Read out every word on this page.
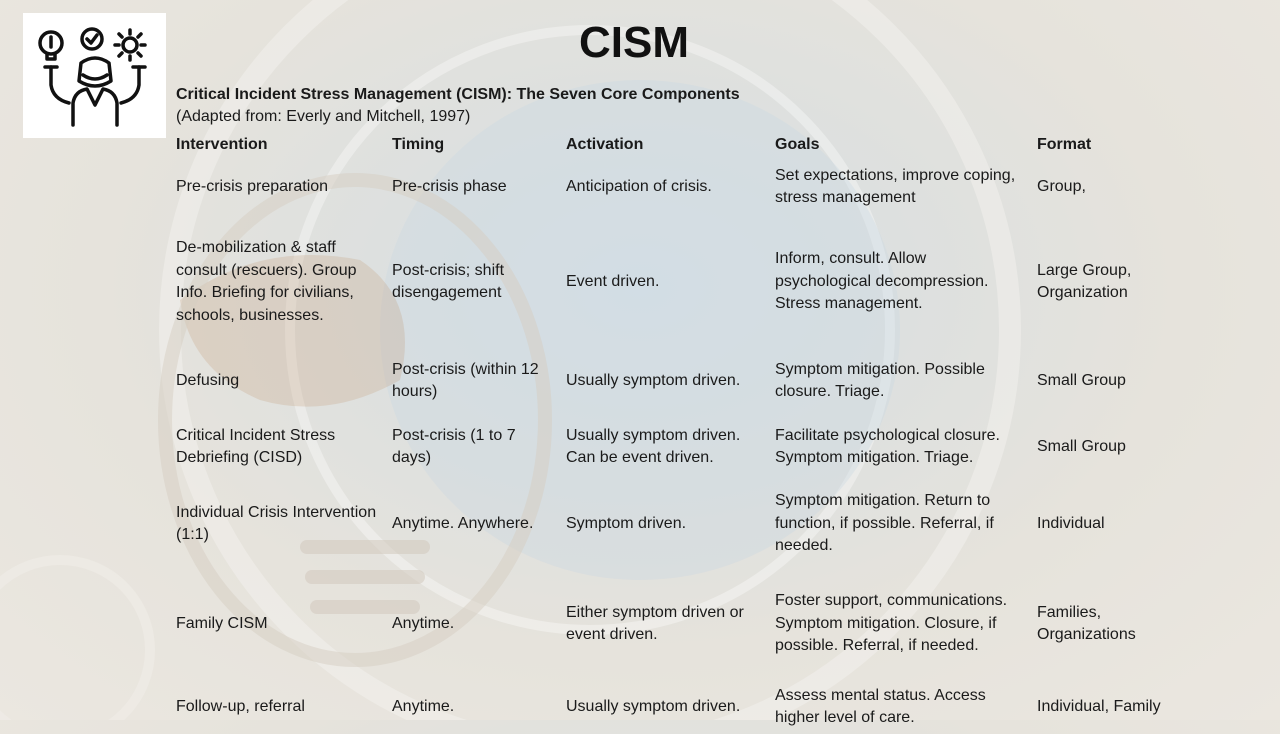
CISM
Critical Incident Stress Management (CISM): The Seven Core Components
(Adapted from: Everly and Mitchell, 1997)
Intervention	Timing	Activation	Goals	Format
Pre-crisis preparation	Pre-crisis phase	Anticipation of crisis.	Set expectations, improve coping, stress management	Group,
De-mobilization & staff consult (rescuers). Group Info. Briefing for civilians, schools, businesses.	Post-crisis; shift disengagement	Event driven.	Inform, consult. Allow psychological decompression. Stress management.	Large Group, Organization
Defusing	Post-crisis (within 12 hours)	Usually symptom driven.	Symptom mitigation. Possible closure. Triage.	Small Group
Critical Incident Stress Debriefing (CISD)	Post-crisis (1 to 7 days)	Usually symptom driven. Can be event driven.	Facilitate psychological closure. Symptom mitigation. Triage.	Small Group
Individual Crisis Intervention (1:1)	Anytime. Anywhere.	Symptom driven.	Symptom mitigation. Return to function, if possible. Referral, if needed.	Individual
Family CISM	Anytime.	Either symptom driven or event driven.	Foster support, communications. Symptom mitigation. Closure, if possible. Referral, if needed.	Families, Organizations
Follow-up, referral	Anytime.	Usually symptom driven.	Assess mental status. Access higher level of care.	Individual, Family
